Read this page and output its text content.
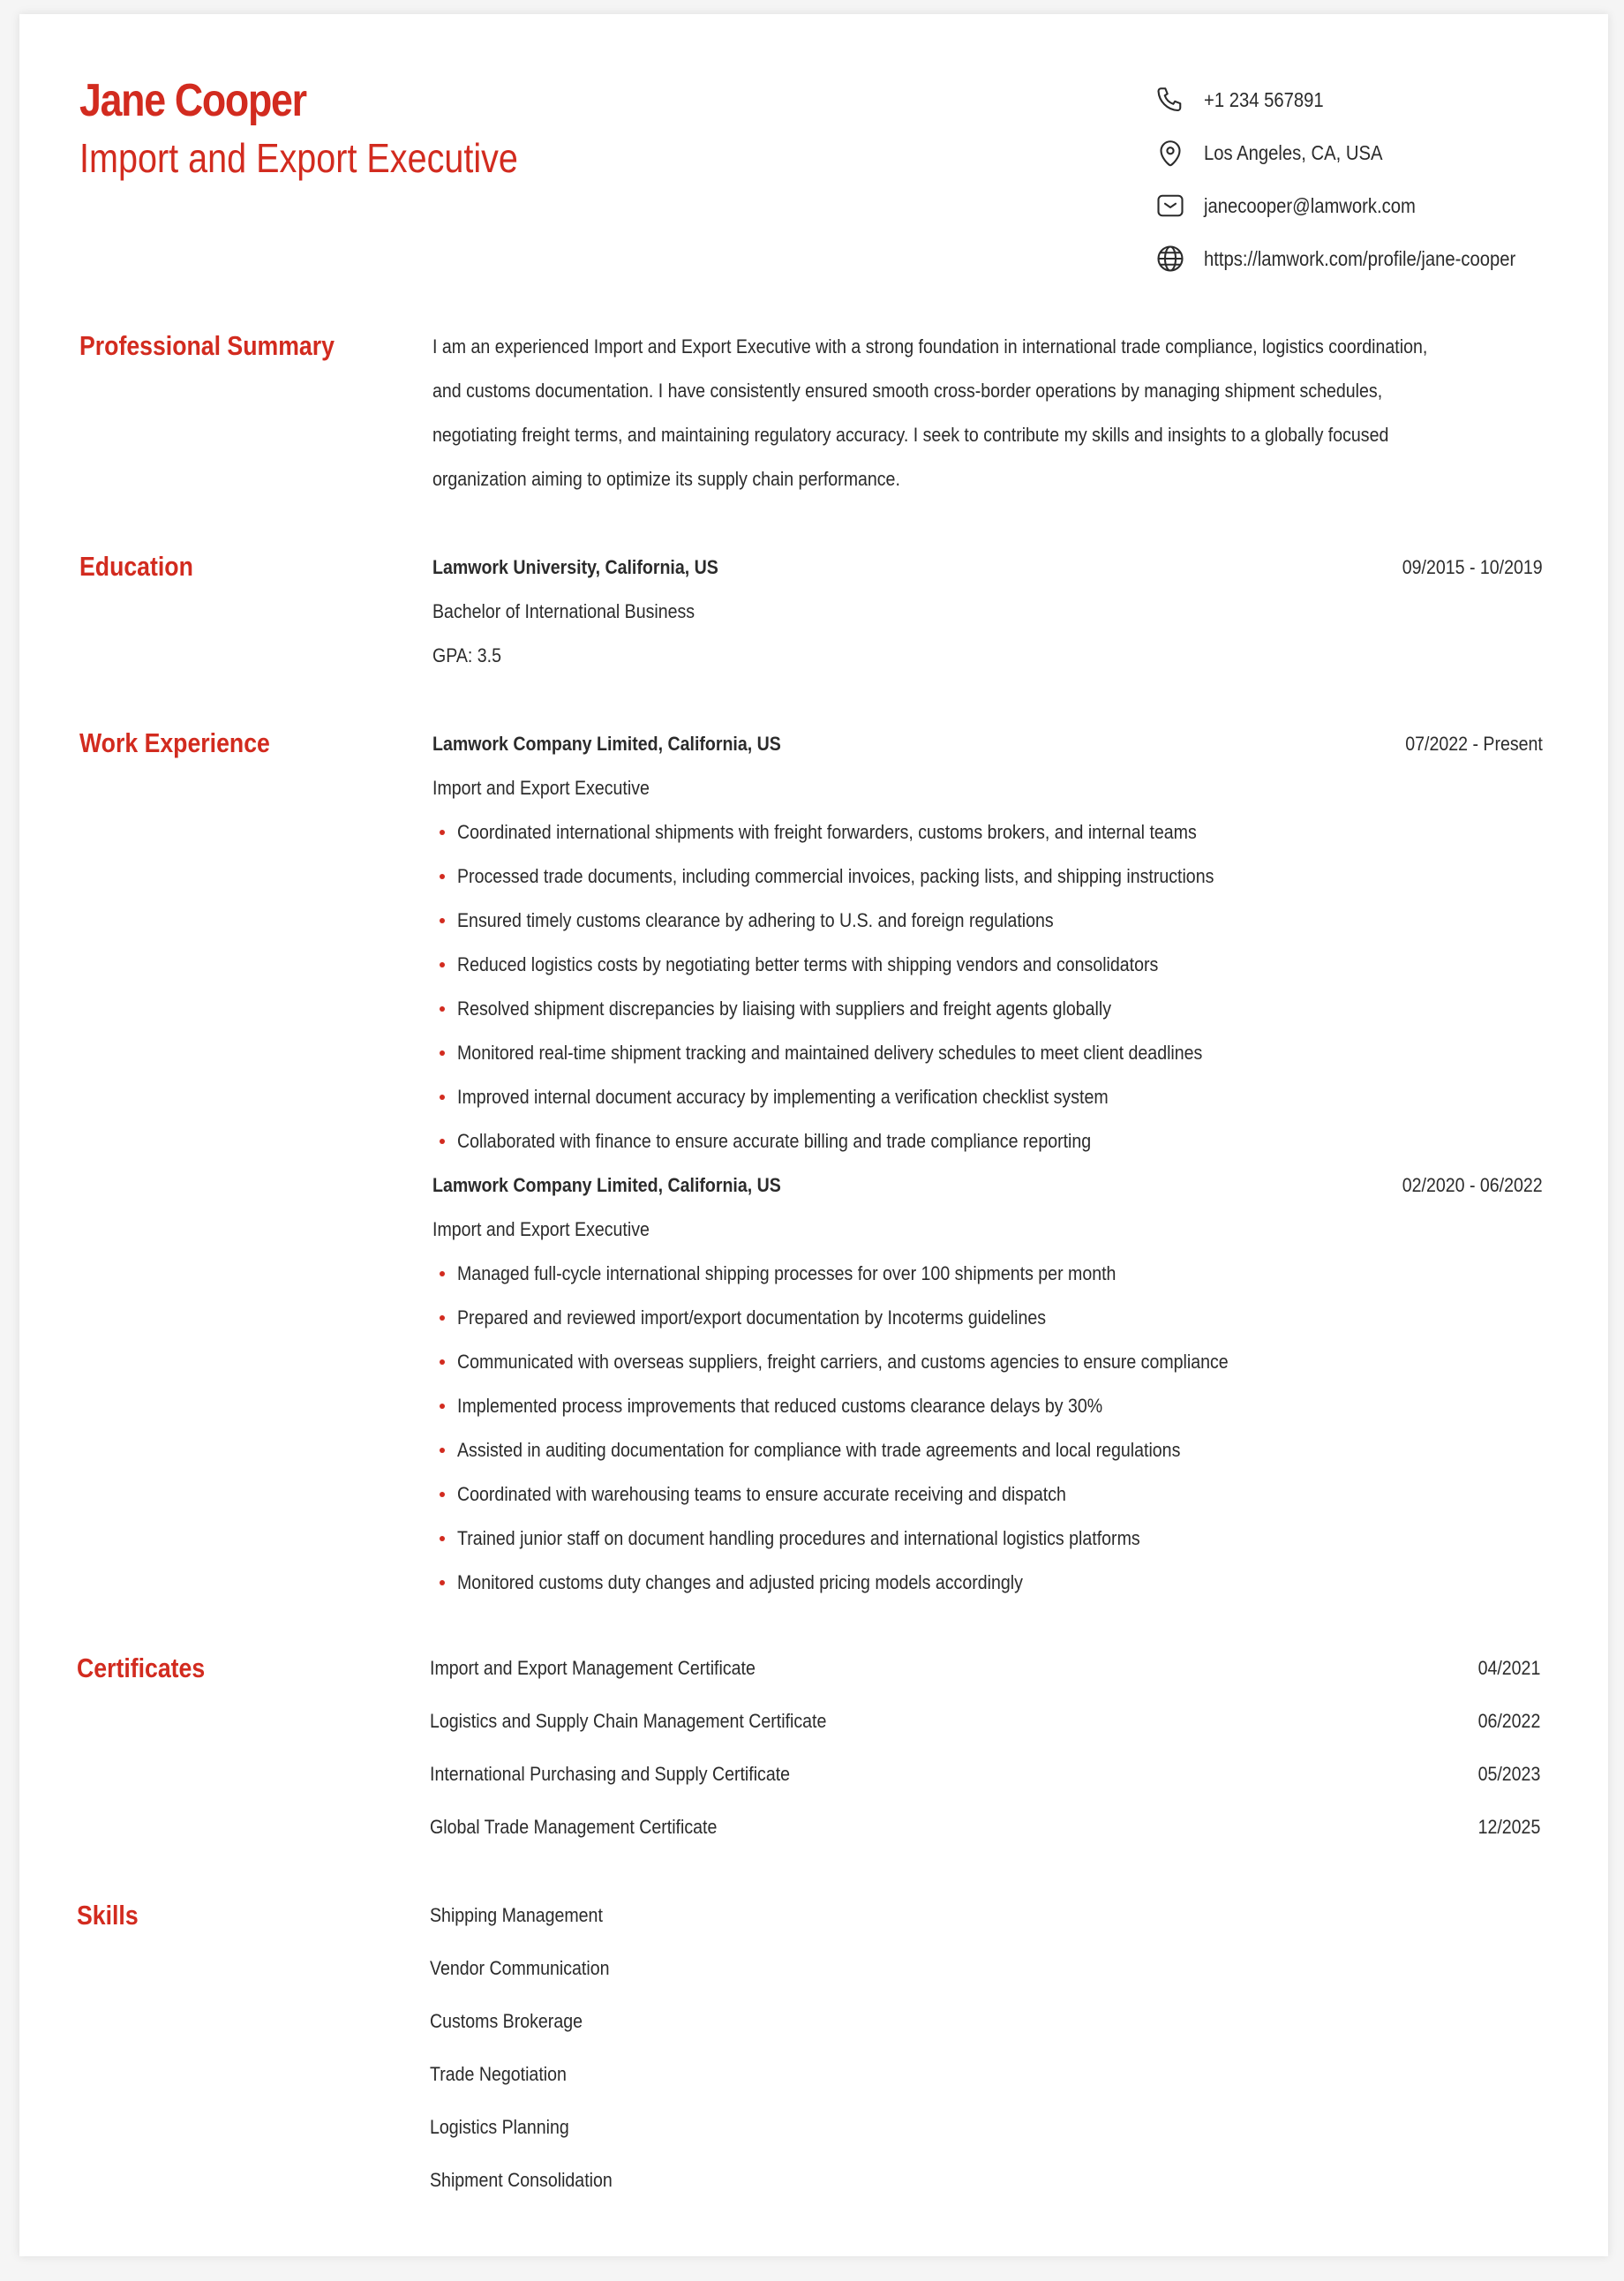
Jane Cooper
Import and Export Executive
+1 234 567891
Los Angeles, CA, USA
janecooper@lamwork.com
https://lamwork.com/profile/jane-cooper
Professional Summary	I am an experienced Import and Export Executive with a strong foundation in international trade compliance, logistics coordination,
and customs documentation. I have consistently ensured smooth cross-border operations by managing shipment schedules,
negotiating freight terms, and maintaining regulatory accuracy. I seek to contribute my skills and insights to a globally focused
organization aiming to optimize its supply chain performance.
Education	Lamwork University, California, US	09/2015 - 10/2019
Bachelor of International Business
GPA: 3.5
Work Experience	Lamwork Company Limited, California, US	07/2022 - Present
Import and Export Executive
Coordinated international shipments with freight forwarders, customs brokers, and internal teams
Processed trade documents, including commercial invoices, packing lists, and shipping instructions
Ensured timely customs clearance by adhering to U.S. and foreign regulations
Reduced logistics costs by negotiating better terms with shipping vendors and consolidators
Resolved shipment discrepancies by liaising with suppliers and freight agents globally
Monitored real-time shipment tracking and maintained delivery schedules to meet client deadlines
Improved internal document accuracy by implementing a verification checklist system
Collaborated with finance to ensure accurate billing and trade compliance reporting
Lamwork Company Limited, California, US	02/2020 - 06/2022
Import and Export Executive
Managed full-cycle international shipping processes for over 100 shipments per month
Prepared and reviewed import/export documentation by Incoterms guidelines
Communicated with overseas suppliers, freight carriers, and customs agencies to ensure compliance
Implemented process improvements that reduced customs clearance delays by 30%
Assisted in auditing documentation for compliance with trade agreements and local regulations
Coordinated with warehousing teams to ensure accurate receiving and dispatch
Trained junior staff on document handling procedures and international logistics platforms
Monitored customs duty changes and adjusted pricing models accordingly
Certificates	Import and Export Management Certificate	04/2021
Logistics and Supply Chain Management Certificate	06/2022
International Purchasing and Supply Certificate	05/2023
Global Trade Management Certificate	12/2025
Skills	Shipping Management
Vendor Communication
Customs Brokerage
Trade Negotiation
Logistics Planning
Shipment Consolidation
